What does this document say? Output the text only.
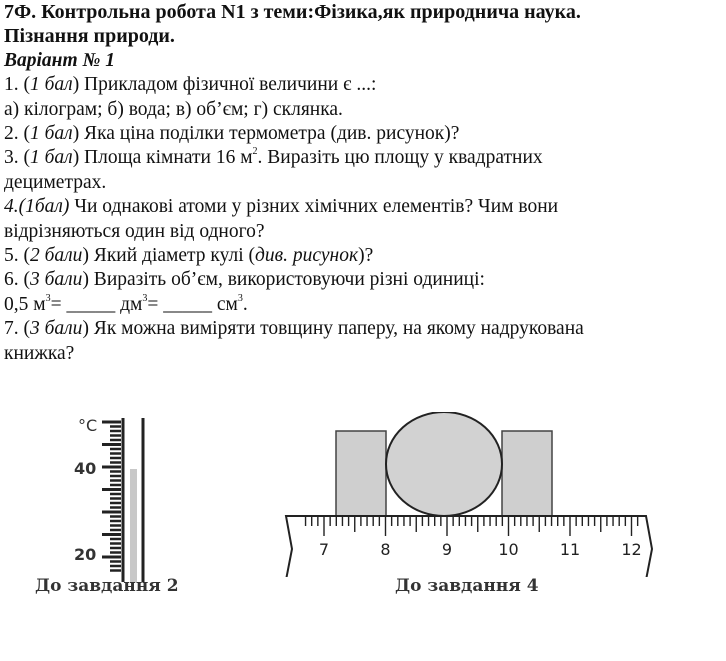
7Ф. Контрольна робота N1 з теми:Фізика,як природнича наука.
Пізнання природи.
Варіант № 1
1. (1 бал) Прикладом фізичної величини є ...:
а) кілограм; б) вода; в) об’єм; г) склянка.
2. (1 бал) Яка ціна поділки термометра (див. рисунок)?
3. (1 бал) Площа кімнати 16 $м^2$. Виразіть цю площу у квадратних
дециметрах.
4.(1бал) Чи однакові атоми у різних хімічних елементів? Чим вони
відрізняються один від одного?
5. (2 бали) Який діаметр кулі (див. рисунок)?
6. (3 бали) Виразіть об’єм, використовуючи різні одиниці:
0,5 $м^3=$ _____ $дм^3=$ _____ $см^3$.
7. (3 бали) Як можна виміряти товщину паперу, на якому надрукована
книжка?
°C
40
20
До завдання 2
7	8	9	10	11	12
До завдання 4
